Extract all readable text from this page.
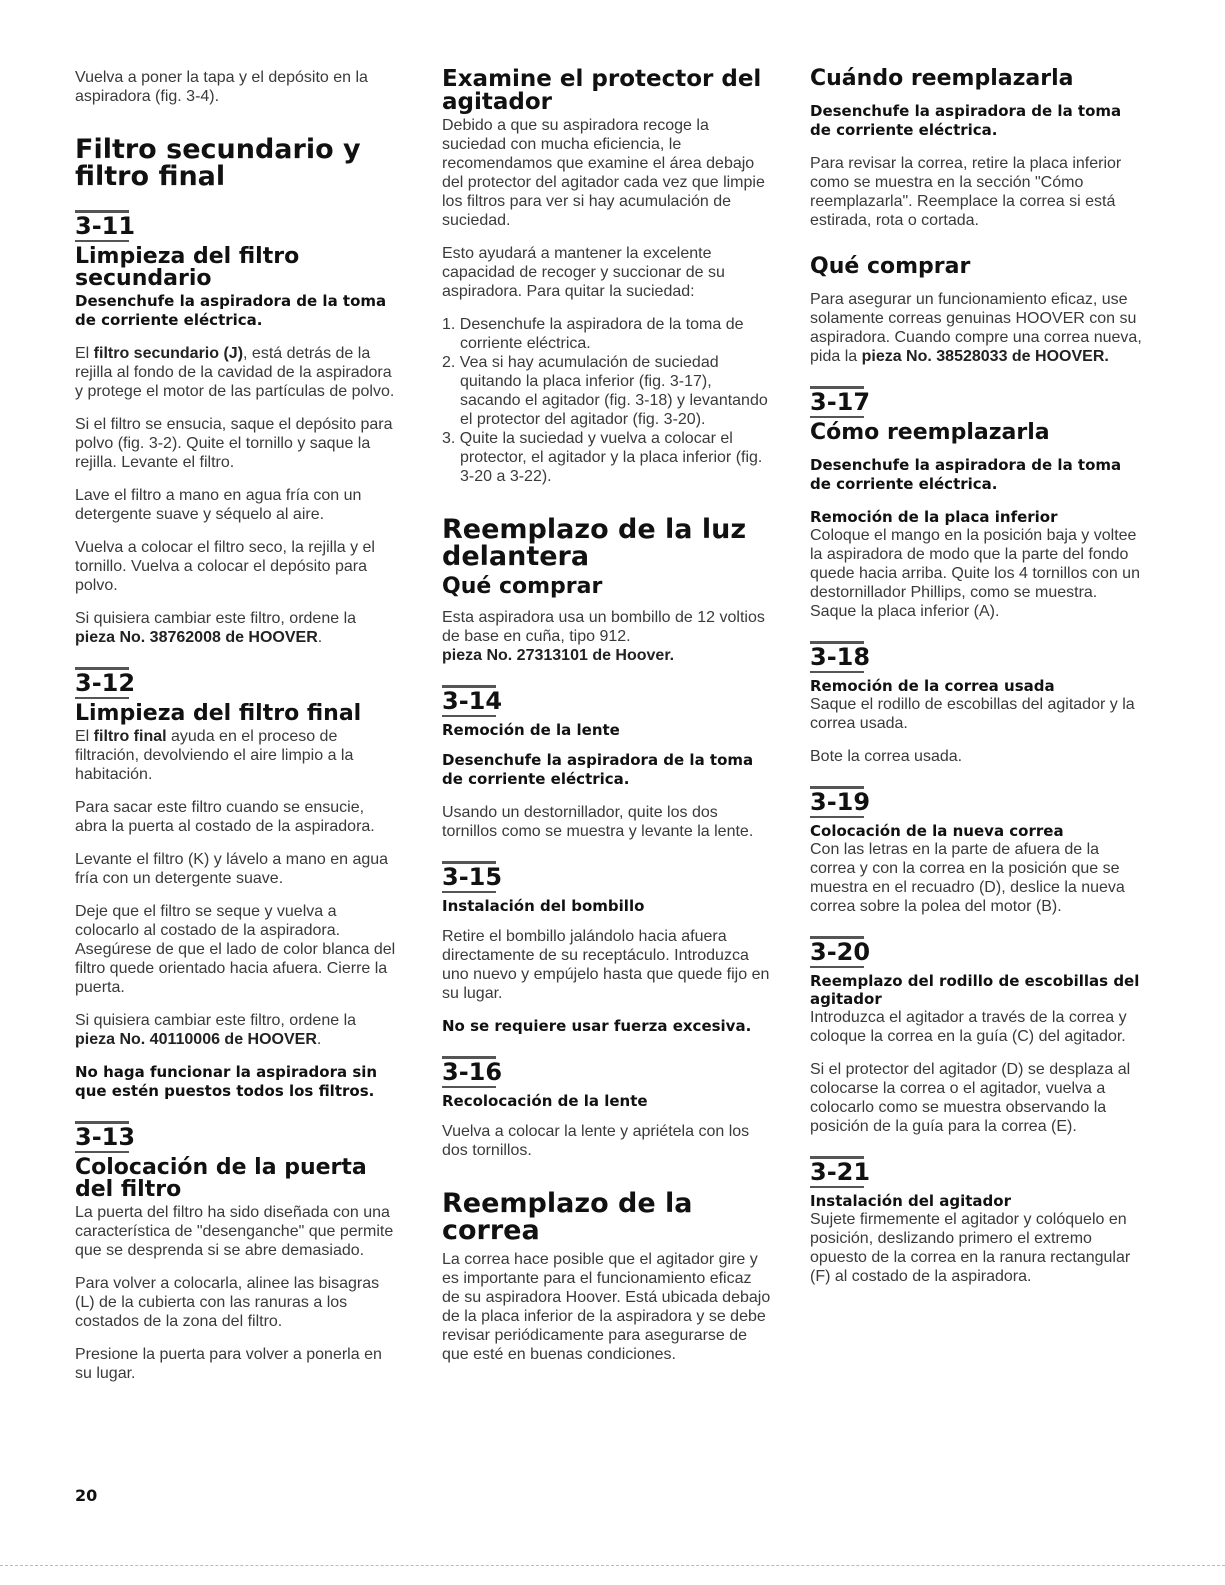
Vuelva a poner la tapa y el depósito en la aspiradora (fig. 3-4).

Filtro secundario y filtro final
3-11
Limpieza del filtro secundario
Desenchufe la aspiradora de la toma de corriente eléctrica.

El filtro secundario (J), está detrás de la rejilla al fondo de la cavidad de la aspiradora y protege el motor de las partículas de polvo.

Si el filtro se ensucia, saque el depósito para polvo (fig. 3-2). Quite el tornillo y saque la rejilla. Levante el filtro.

Lave el filtro a mano en agua fría con un detergente suave y séquelo al aire.

Vuelva a colocar el filtro seco, la rejilla y el tornillo. Vuelva a colocar el depósito para polvo.

Si quisiera cambiar este filtro, ordene la pieza No. 38762008 de HOOVER.

3-12
Limpieza del filtro final

El filtro final ayuda en el proceso de filtración, devolviendo el aire limpio a la habitación.

Para sacar este filtro cuando se ensucie, abra la puerta al costado de la aspiradora.

Levante el filtro (K) y lávelo a mano en agua fría con un detergente suave.

Deje que el filtro se seque y vuelva a colocarlo al costado de la aspiradora. Asegúrese de que el lado de color blanca del filtro quede orientado hacia afuera. Cierre la puerta.

Si quisiera cambiar este filtro, ordene la pieza No. 40110006 de HOOVER.

No haga funcionar la aspiradora sin que estén puestos todos los filtros.
3-13
Colocación de la puerta del filtro

La puerta del filtro ha sido diseñada con una característica de "desenganche" que permite que se desprenda si se abre demasiado.

Para volver a colocarla, alinee las bisagras (L) de la cubierta con las ranuras a los costados de la zona del filtro.

Presione la puerta para volver a ponerla en su lugar.

Examine el protector del agitador

Debido a que su aspiradora recoge la suciedad con mucha eficiencia, le recomendamos que examine el área debajo del protector del agitador cada vez que limpie los filtros para ver si hay acumulación de suciedad.

Esto ayudará a mantener la excelente capacidad de recoger y succionar de su aspiradora. Para quitar la suciedad:

1. Desenchufe la aspiradora de la toma de corriente eléctrica.
2. Vea si hay acumulación de suciedad quitando la placa inferior (fig. 3-17), sacando el agitador (fig. 3-18) y levantando el protector del agitador (fig. 3-20).
3. Quite la suciedad y vuelva a colocar el protector, el agitador y la placa inferior (fig. 3-20 a 3-22).
Reemplazo de la luz delantera
Qué comprar

Esta aspiradora usa un bombillo de 12 voltios de base en cuña, tipo 912.
pieza No. 27313101 de Hoover.

3-14
Remoción de la lente
Desenchufe la aspiradora de la toma de corriente eléctrica.

Usando un destornillador, quite los dos tornillos como se muestra y levante la lente.

3-15
Instalación del bombillo

Retire el bombillo jalándolo hacia afuera directamente de su receptáculo. Introduzca uno nuevo y empújelo hasta que quede fijo en su lugar.

No se requiere usar fuerza excesiva.
3-16
Recolocación de la lente

Vuelva a colocar la lente y apriétela con los dos tornillos.

Reemplazo de la correa

La correa hace posible que el agitador gire y es importante para el funcionamiento eficaz de su aspiradora Hoover. Está ubicada debajo de la placa inferior de la aspiradora y se debe revisar periódicamente para asegurarse de que esté en buenas condiciones.

Cuándo reemplazarla
Desenchufe la aspiradora de la toma de corriente eléctrica.

Para revisar la correa, retire la placa inferior como se muestra en la sección "Cómo reemplazarla". Reemplace la correa si está estirada, rota o cortada.

Qué comprar

Para asegurar un funcionamiento eficaz, use solamente correas genuinas HOOVER con su aspiradora. Cuando compre una correa nueva, pida la pieza No. 38528033 de HOOVER.

3-17
Cómo reemplazarla
Desenchufe la aspiradora de la toma de corriente eléctrica.
Remoción de la placa inferior

Coloque el mango en la posición baja y voltee la aspiradora de modo que la parte del fondo quede hacia arriba. Quite los 4 tornillos con un destornillador Phillips, como se muestra. Saque la placa inferior (A).

3-18
Remoción de la correa usada

Saque el rodillo de escobillas del agitador y la correa usada.

Bote la correa usada.

3-19
Colocación de la nueva correa

Con las letras en la parte de afuera de la correa y con la correa en la posición que se muestra en el recuadro (D), deslice la nueva correa sobre la polea del motor (B).

3-20
Reemplazo del rodillo de escobillas del agitador

Introduzca el agitador a través de la correa y coloque la correa en la guía (C) del agitador.

Si el protector del agitador (D) se desplaza al colocarse la correa o el agitador, vuelva a colocarlo como se muestra observando la posición de la guía para la correa (E).

3-21
Instalación del agitador

Sujete firmemente el agitador y colóquelo en posición, deslizando primero el extremo opuesto de la correa en la ranura rectangular (F) al costado de la aspiradora.

20
